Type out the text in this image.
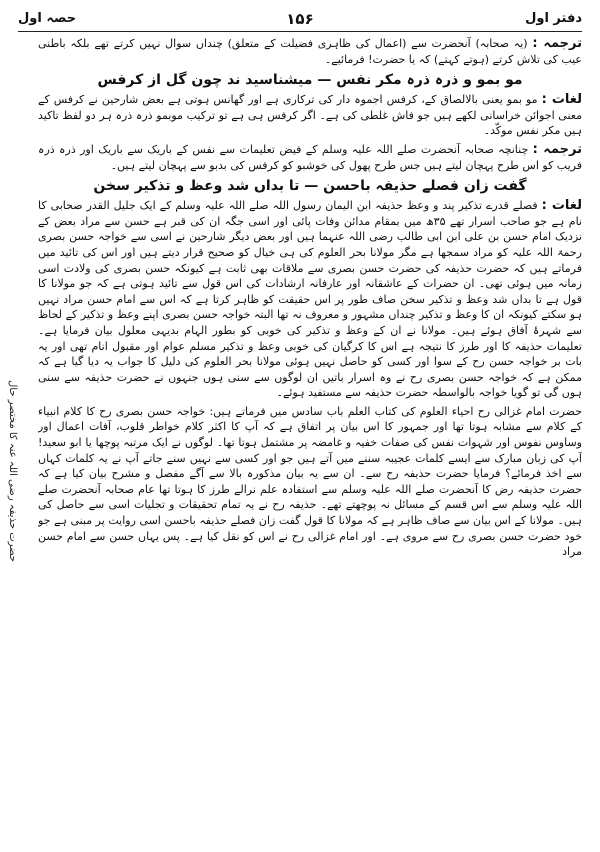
دفتر اول
۱۵۶
حصہ اول
حضرت حذیفہ رضی اللہ عنہ کا مختصر حال

ترجمہ : (یہ صحابہ) آنحضرت سے (اعمال کی ظاہری فضیلت کے متعلق) چنداں سوال نہیں کرتے تھے بلکہ باطنی عیب کی تلاش کرتے (ہوتے کہتے) کہ یا حضرت! فرمائیے۔

مو بمو و ذرہ ذرہ مکر نفس — میشناسید ند چون گل از کرفس

لغات : مو بمو یعنی بالالصاق کے، کرفس اجموہ دار کی ترکاری ہے اور گھانس ہوتی ہے بعض شارحین نے کرفس کے معنی اجوائن خراسانی لکھے ہیں جو فاش غلطی کی ہے۔ اگر کرفس ہی ہے تو ترکیب موبمو ذرہ ذرہ ہر دو لفظ تاکید ہیں مکر نفس موکّد۔

ترجمہ : چنانچہ صحابہ آنحضرت صلے اللہ علیہ وسلم کے فیض تعلیمات سے نفس کے باریک سے باریک اور ذرہ ذرہ فریب کو اس طرح پہچان لیتے ہیں جس طرح پھول کی خوشبو کو کرفس کی بدبو سے پہچان لیتے ہیں۔

گفت زان فصلے حذیفہ باحسن — تا بداں شد وعظ و تذکیر سخن

لغات : فصلے قدرے تذکیر پند و وعظ حذیفہ ابن الیمان رسول اللہ صلے اللہ علیہ وسلم کے ایک جلیل القدر صحابی کا نام ہے جو صاحب اسرار تھے ۳۵ھ میں بمقام مدائن وفات پائی اور اسی جگہ ان کی قبر ہے حسن سے مراد بعض کے نزدیک امام حسن بن علی ابن ابی طالب رضی اللہ عنہما ہیں اور بعض دیگر شارحین نے اسی سے خواجہ حسن بصری رحمۃ اللہ علیہ کو مراد سمجھا ہے مگر مولانا بحر العلوم کی ہی خیال کو صحیح قرار دیتے ہیں اور اس کی تائید میں فرماتے ہیں کہ حضرت حذیفہ کی حضرت حسن بصری سے ملاقات بھی ثابت ہے کیونکہ حسن بصری کی ولادت اسی زمانہ میں ہوئی تھی۔ ان حضرات کے عاشقانہ اور عارفانہ ارشادات کی اس قول سے تائید ہوتی ہے کہ جو مولانا کا قول ہے تا بداں شد وعظ و تذکیر سخن صاف طور پر اس حقیقت کو ظاہر کرتا ہے کہ اس سے امام حسن مراد نہیں ہو سکتے کیونکہ ان کا وعظ و تذکیر چنداں مشہور و معروف نہ تھا البتہ خواجہ حسن بصری اپنے وعظ و تذکیر کے لحاظ سے شہرۂ آفاق ہوئے ہیں۔ مولانا نے ان کے وعظ و تذکیر کی خوبی کو بطور الہام بدیہی معلول بیان فرمایا ہے۔ تعلیمات حذیفہ کا اور طرز کا نتیجہ ہے اس کا کرگیان کی خوبی وعظ و تذکیر مسلم عوام اور مقبول انام تھی اور یہ بات بر خواجہ حسن رح کے سوا اور کسی کو حاصل نہیں ہوئی مولانا بحر العلوم کی دلیل کا جواب یہ دیا گیا ہے کہ ممکن ہے کہ خواجہ حسن بصری رح نے وہ اسرار باتیں ان لوگوں سے سنی ہوں جنہوں نے حضرت حذیفہ سے سنی ہوں گی تو گویا خواجہ بالواسطہ حضرت حذیفہ سے مستفید ہوئے۔

حضرت امام غزالی رح احیاء العلوم کی کتاب العلم باب سادس میں فرماتے ہیں: خواجہ حسن بصری رح کا کلام انبیاء کے کلام سے مشابہ ہوتا تھا اور جمہور کا اس بیان پر اتفاق ہے کہ آپ کا اکثر کلام خواطر قلوب، آفات اعمال اور وساوس نفوس اور شہوات نفس کی صفات خفیہ و غامضہ پر مشتمل ہوتا تھا۔ لوگوں نے ایک مرتبہ پوچھا یا ابو سعید! آپ کی زبان مبارک سے ایسے کلمات عجیبہ سننے میں آتے ہیں جو اور کسی سے نہیں سنے جاتے آپ نے یہ کلمات کہاں سے اخذ فرمائے؟ فرمایا حضرت حذیفہ رح سے۔ ان سے یہ بیان مذکورہ بالا سے آگے مفصل و مشرح بیان کیا ہے کہ حضرت حذیفہ رض کا آنحضرت صلے اللہ علیہ وسلم سے استفادہ علم نرالے طرز کا ہوتا تھا عام صحابہ آنحضرت صلے اللہ علیہ وسلم سے اس قسم کے مسائل نہ پوچھتے تھے۔ حذیفہ رح نے یہ تمام تحقیقات و تجلیات اسی سے حاصل کی ہیں۔ مولانا کے اس بیان سے صاف ظاہر ہے کہ مولانا کا قول گفت زان فصلے حذیفہ باحسن اسی روایت پر مبنی ہے جو خود حضرت حسن بصری رح سے مروی ہے۔ اور امام غزالی رح نے اس کو نقل کیا ہے۔ پس یہاں حسن سے امام حسن مراد
